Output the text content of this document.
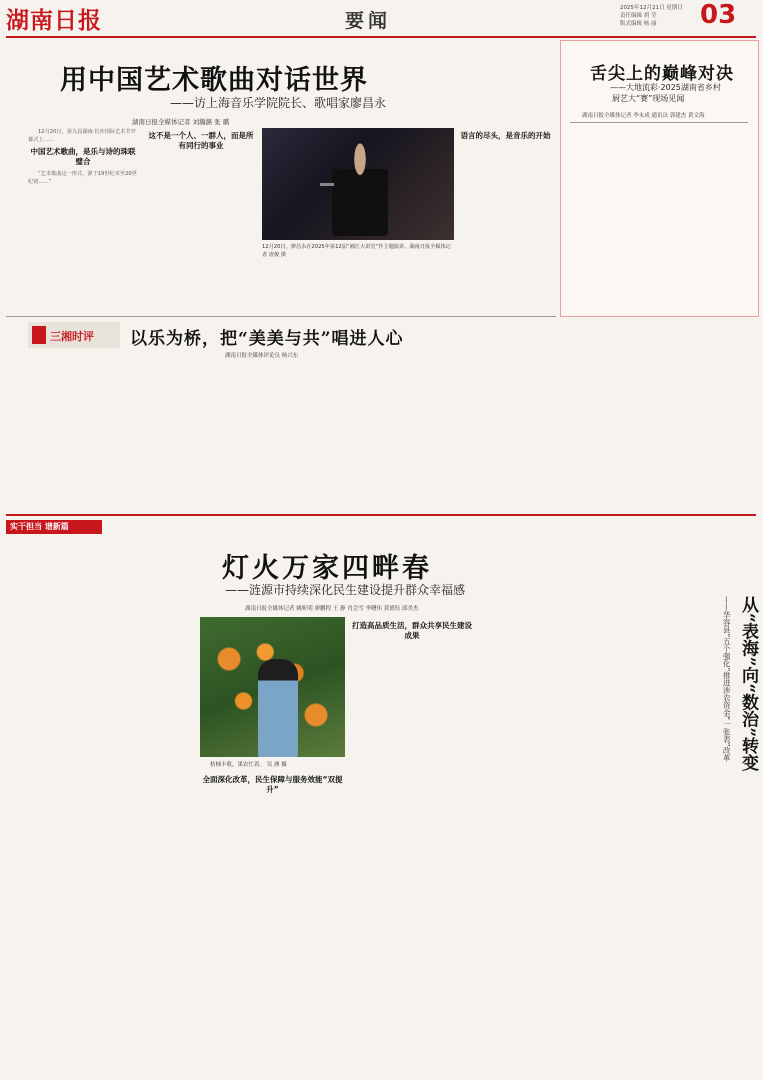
湖南日报	要闻
2025年12月21日 星期日
责任编辑 胡 莹
版式编辑 杨 丽	03
用中国艺术歌曲对话世界
——访上海音乐学院院长、歌唱家廖昌永
湖南日报全媒体记者 刘瀚潞 张 璐

12月20日，第九届湖南·长沙国际艺术节开幕式上……

中国艺术歌曲，是乐与诗的珠联璧合

“艺术歌曲这一形式，源于19世纪末至20世纪初……”

这不是一个人、一群人，而是所有同行的事业
12月20日，廖昌永在2025年第12届“湘江大讲堂”作主题演讲。湖南日报全媒体记者 唐俊 摄
语言的尽头，是音乐的开始
舌尖上的巅峰对决
——大地流彩·2025湖南省乡村
厨艺大“赛”现场见闻
湖南日报全媒体记者 李永成 通讯员 郭建杰 黄文海
三湘时评 以乐为桥，把“美美与共”唱进人心
湖南日报全媒体评论员 杨兴东
实干担当 谱新篇
灯火万家四畔春
——涟源市持续深化民生建设提升群众幸福感
湖南日报全媒体记者 姚昕明 廖鹏程 王 静 肖会雪 李曙伟 黄德钰 邱美杰
桔柚丰收，果农忙着。 吴 洲 摄
全面深化改革，民生保障与服务效能“双提升”
打造高品质生活，群众共享民生建设成果	从“表海”向“数治”转变
——华容县“五个强化”推进涉农资金“一张表”改革
